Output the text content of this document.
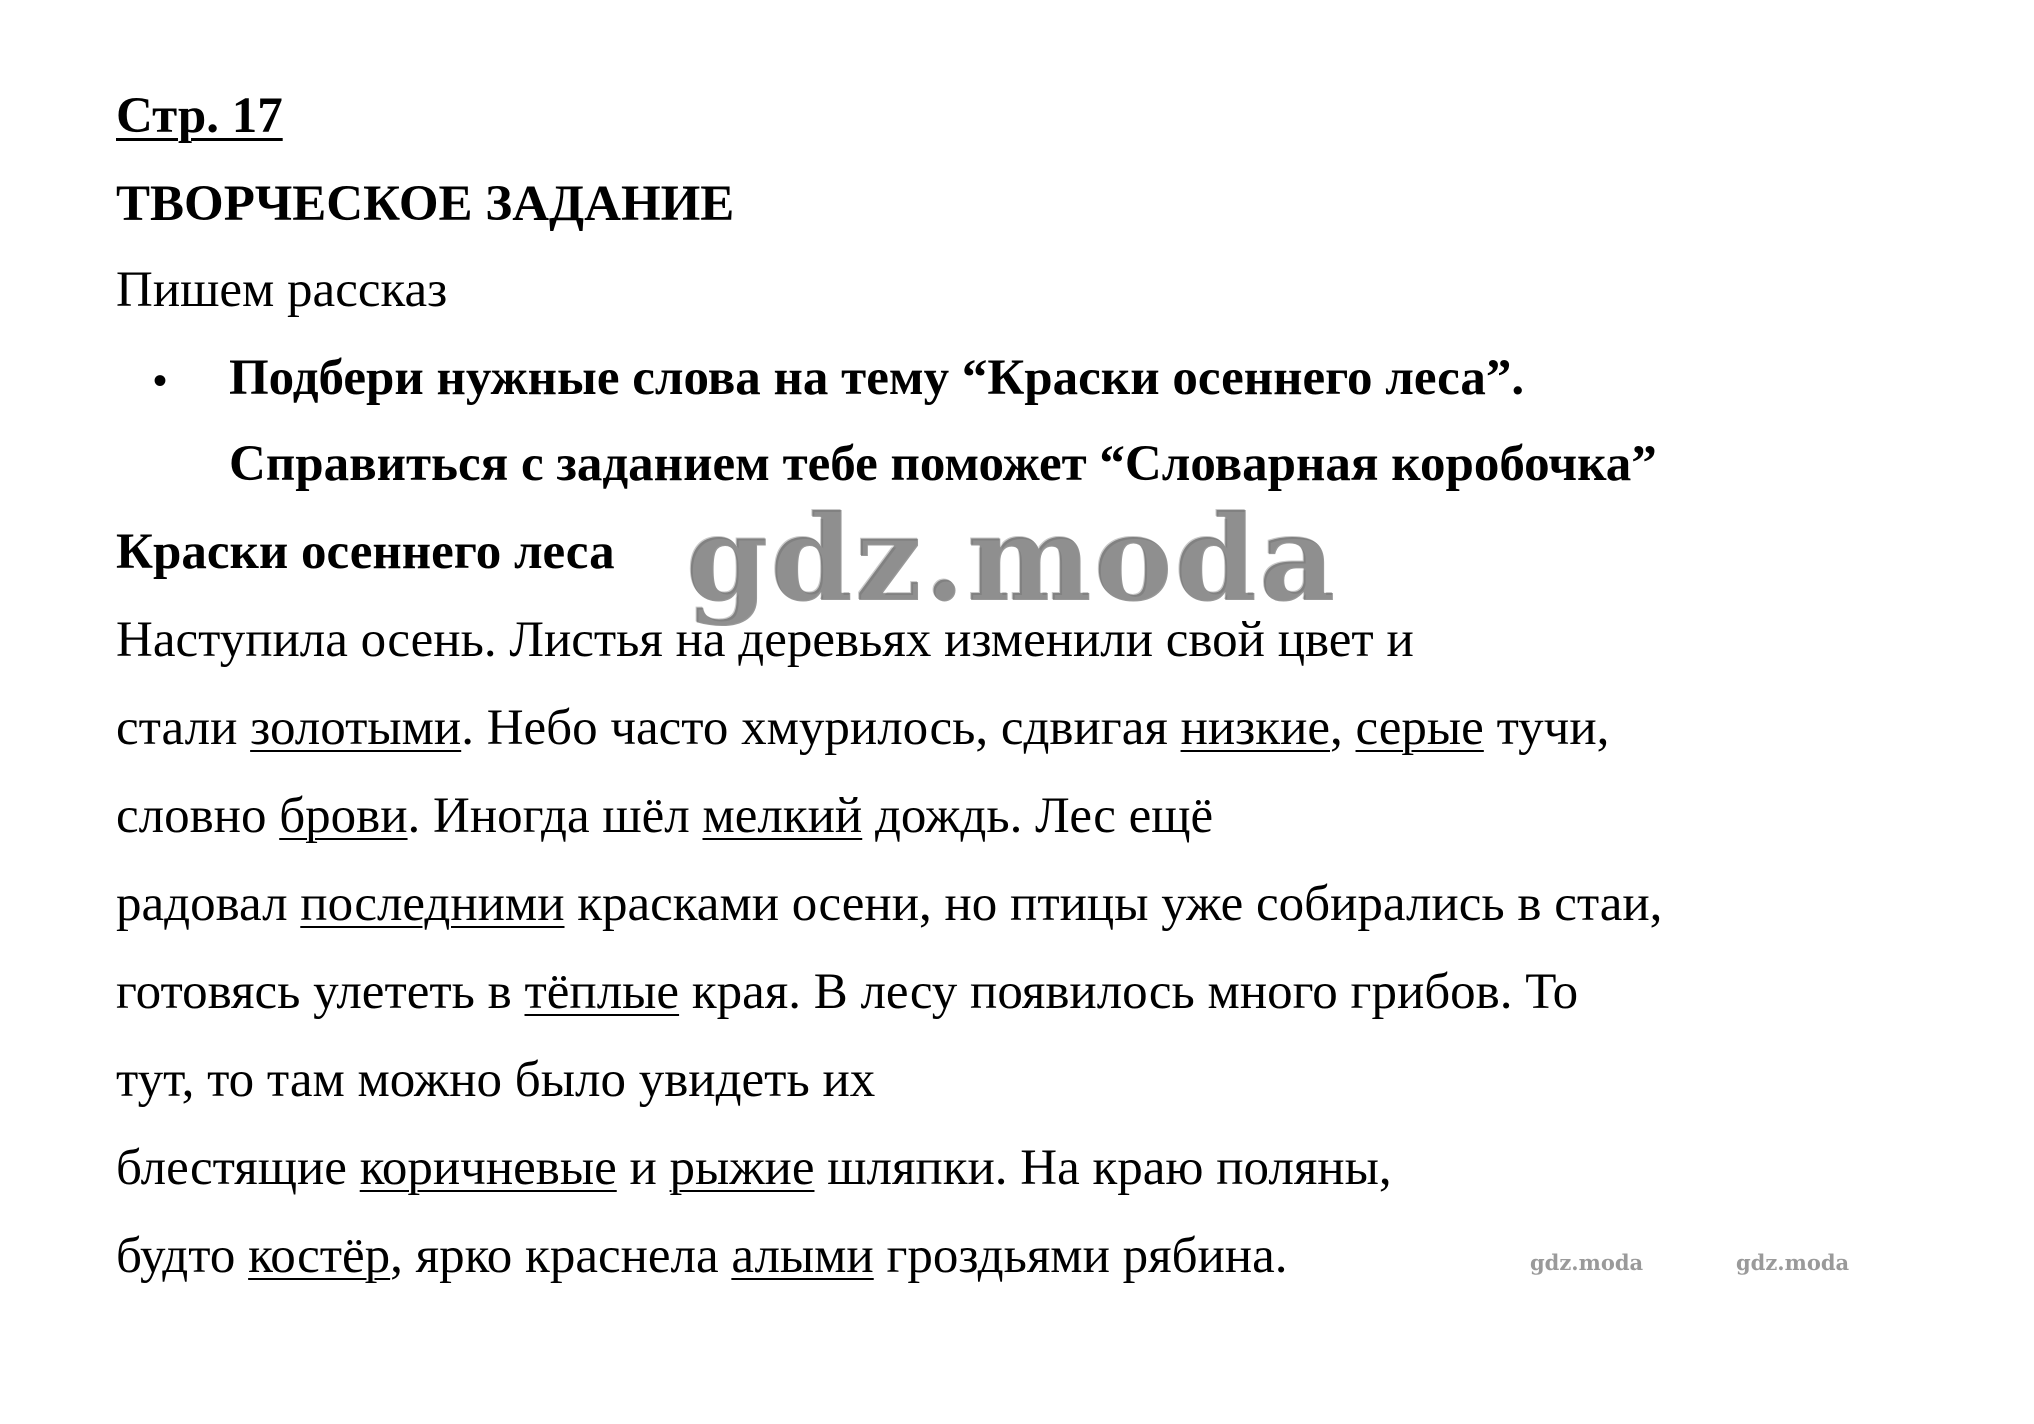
Стр. 17
ТВОРЧЕСКОЕ ЗАДАНИЕ
Пишем рассказ
• Подбери нужные слова на тему “Краски осеннего леса”.
Справиться с заданием тебе поможет “Словарная коробочка”
Краски осеннего леса
Наступила осень. Листья на деревьях изменили свой цвет и
стали золотыми. Небо часто хмурилось, сдвигая низкие, серые тучи,
словно брови. Иногда шёл мелкий дождь. Лес ещё
радовал последними красками осени, но птицы уже собирались в стаи,
готовясь улететь в тёплые края. В лесу появилось много грибов. То
тут, то там можно было увидеть их
блестящие коричневые и рыжие шляпки. На краю поляны,
будто костёр, ярко краснела алыми гроздьями рябина.
gdz.moda
gdz.moda	gdz.moda
